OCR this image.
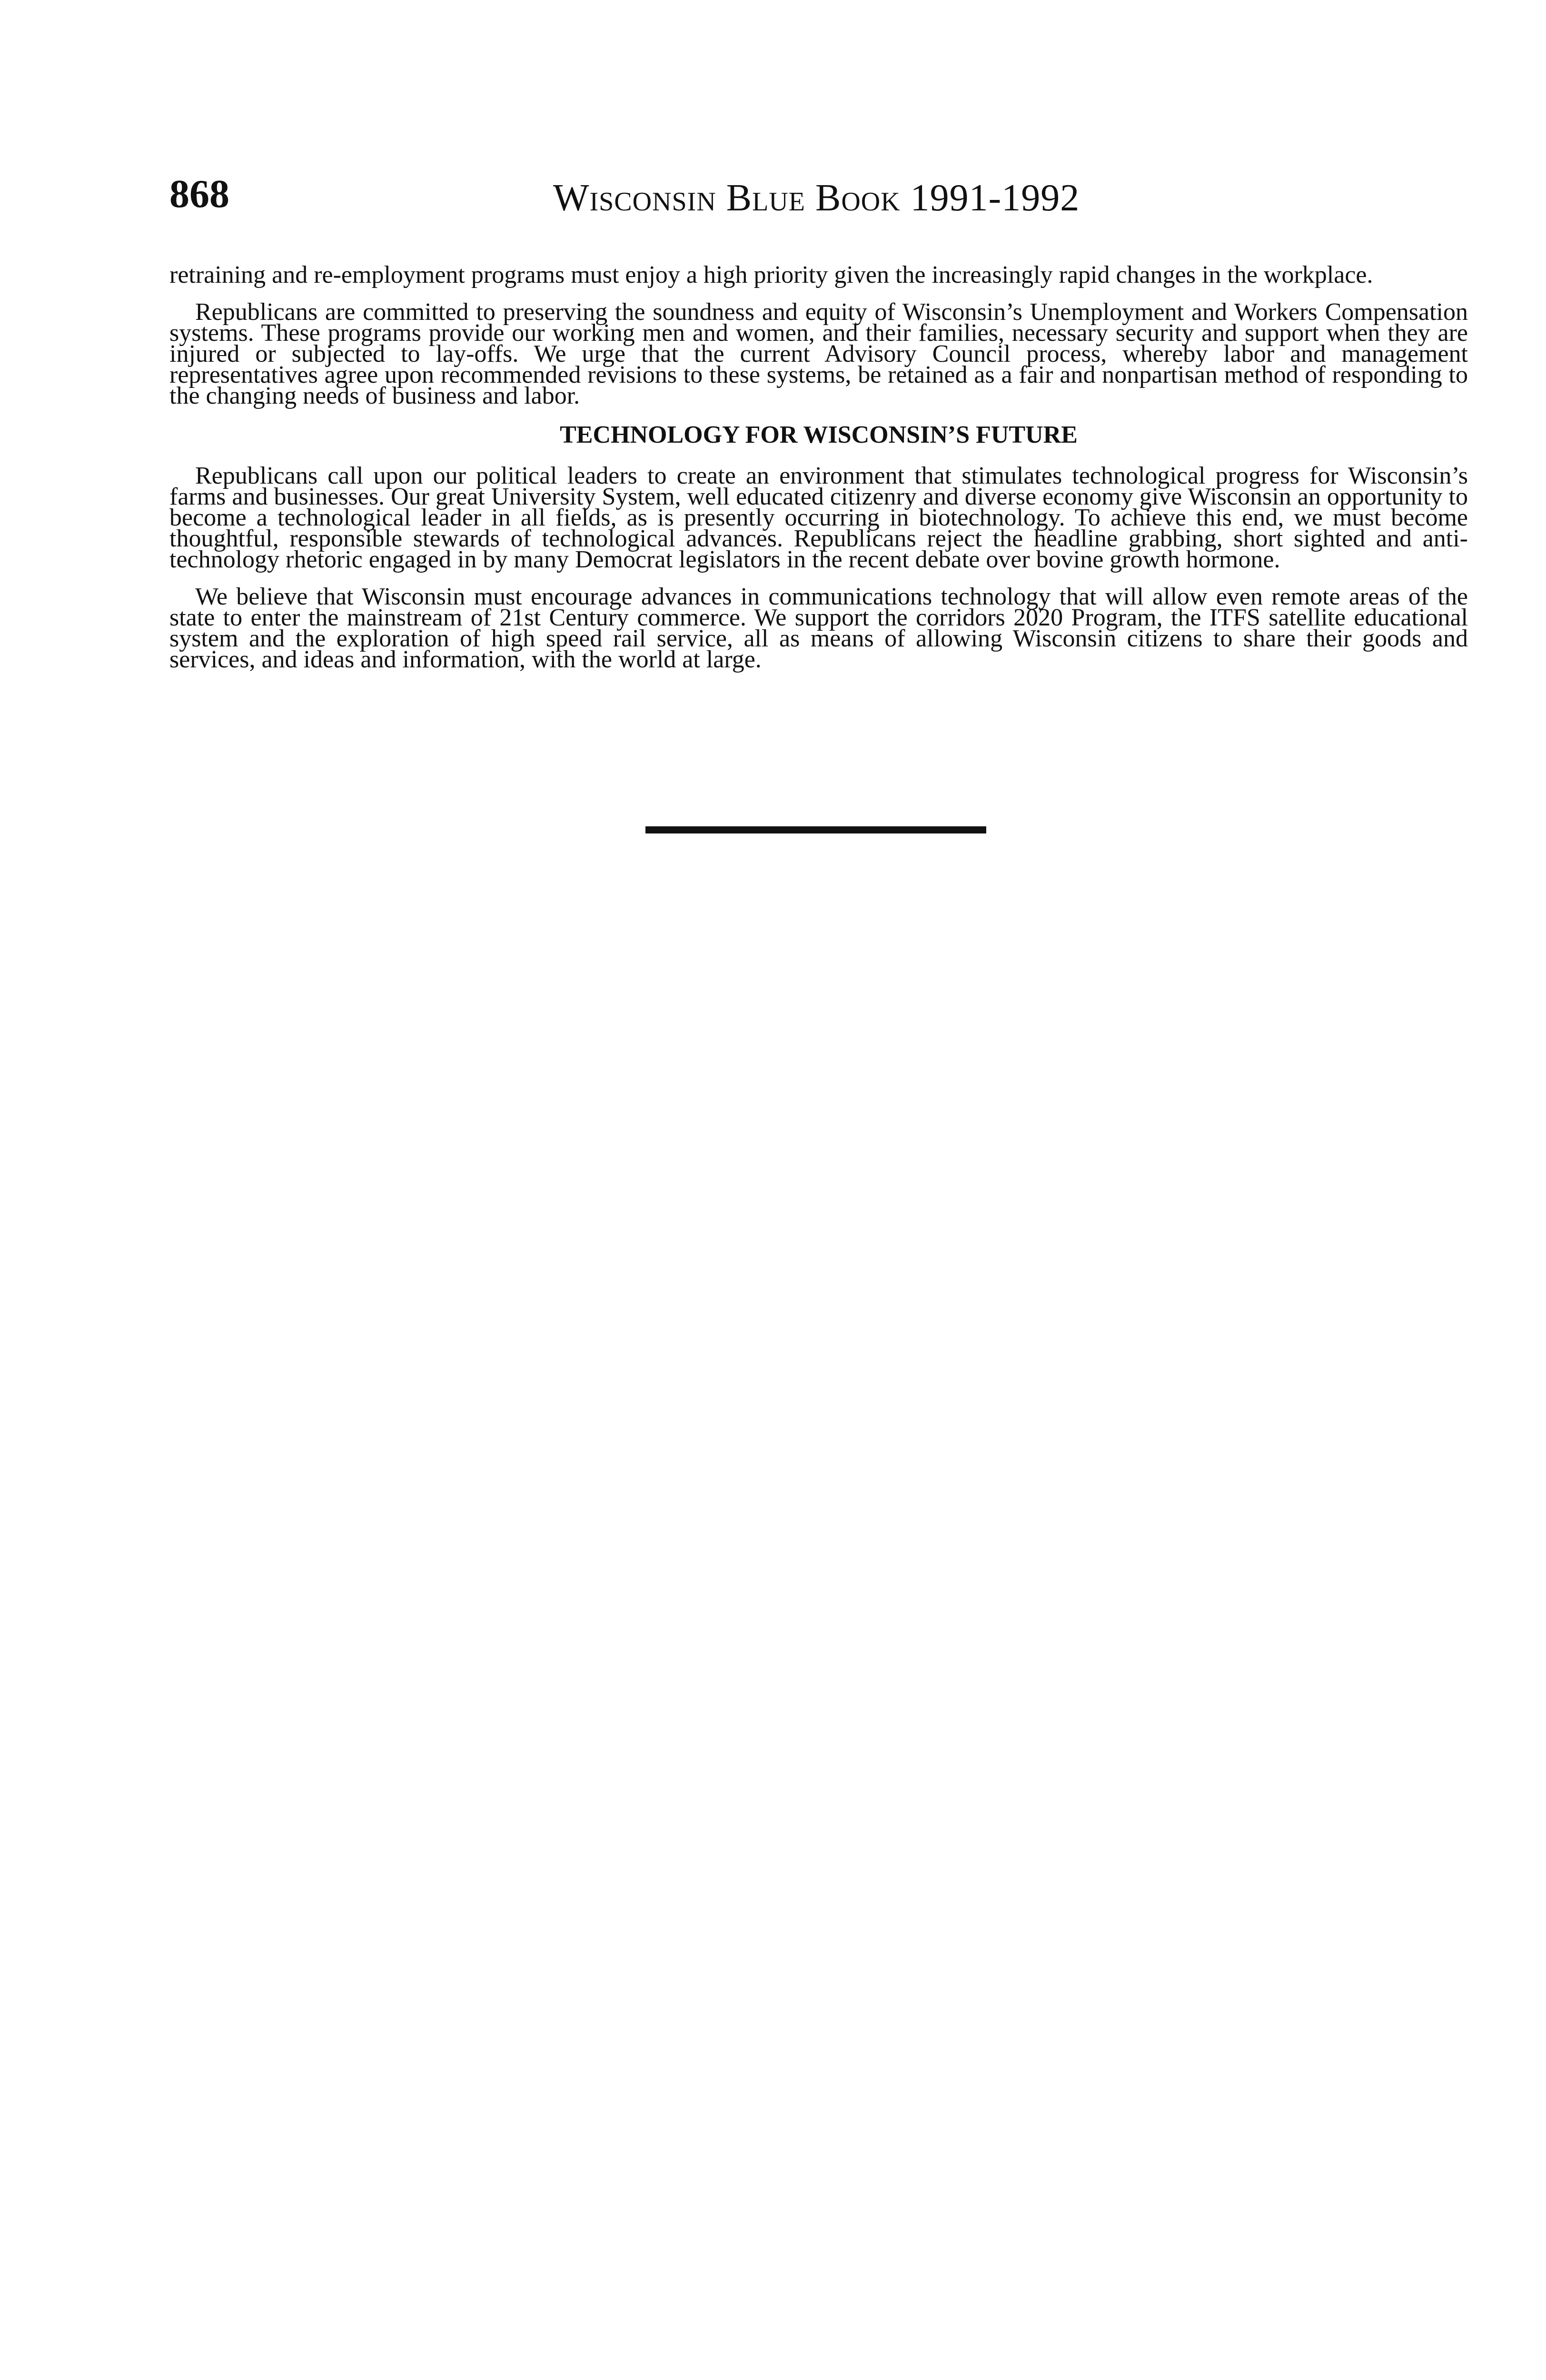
868	Wisconsin Blue Book 1991-1992

retraining and re-employment programs must enjoy a high priority given the increasingly rapid changes in the workplace.

Republicans are committed to preserving the soundness and equity of Wisconsin’s Unemployment and Workers Compensation systems. These programs provide our working men and women, and their families, necessary security and support when they are injured or subjected to lay-offs. We urge that the current Advisory Council process, whereby labor and management representatives agree upon recommended revisions to these systems, be retained as a fair and nonpartisan method of responding to the changing needs of business and labor.

TECHNOLOGY FOR WISCONSIN’S FUTURE

Republicans call upon our political leaders to create an environment that stimulates technological progress for Wisconsin’s farms and businesses. Our great University System, well educated citizenry and diverse economy give Wisconsin an opportunity to become a technological leader in all fields, as is presently occurring in biotechnology. To achieve this end, we must become thoughtful, responsible stewards of technological advances. Republicans reject the headline grabbing, short sighted and anti-technology rhetoric engaged in by many Democrat legislators in the recent debate over bovine growth hormone.

We believe that Wisconsin must encourage advances in communications technology that will allow even remote areas of the state to enter the mainstream of 21st Century commerce. We support the corridors 2020 Program, the ITFS satellite educational system and the exploration of high speed rail service, all as means of allowing Wisconsin citizens to share their goods and services, and ideas and information, with the world at large.
